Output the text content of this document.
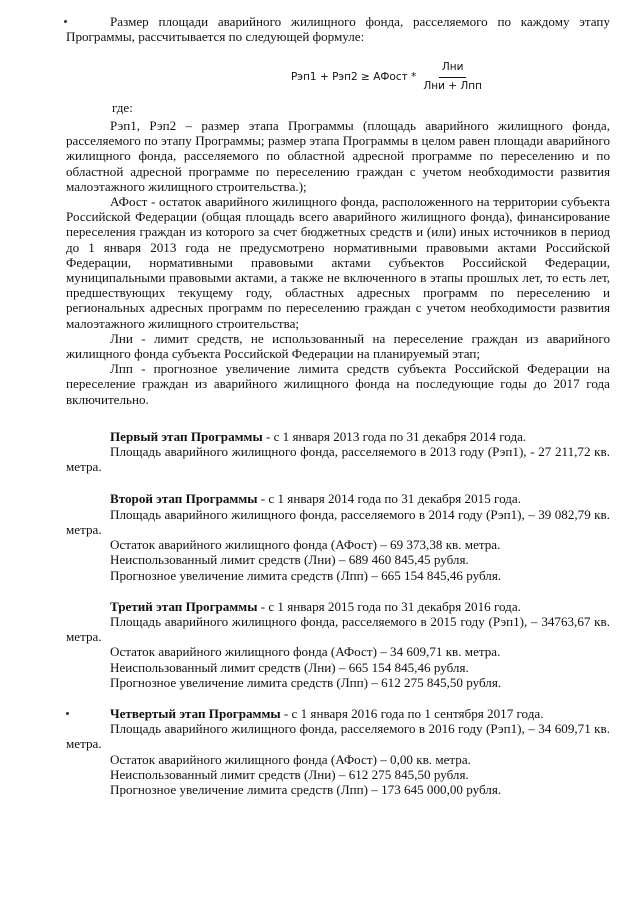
Размер площади аварийного жилищного фонда, расселяемого по каждому этапу Программы, рассчитывается по следующей формуле:

Рэп1 + Рэп2 ≥ АФост * $\frac{\text{Лни}}{\text{Лни + Лпп}}$

где:

Рэп1, Рэп2 – размер этапа Программы (площадь аварийного жилищного фонда, расселяемого по этапу Программы; размер этапа Программы в целом равен площади аварийного жилищного фонда, расселяемого по областной адресной программе по переселению и по областной адресной программе по переселению граждан с учетом необходимости развития малоэтажного жилищного строительства.);

АФост - остаток аварийного жилищного фонда, расположенного на территории субъекта Российской Федерации (общая площадь всего аварийного жилищного фонда), финансирование переселения граждан из которого за счет бюджетных средств и (или) иных источников в период до 1 января 2013 года не предусмотрено нормативными правовыми актами Российской Федерации, нормативными правовыми актами субъектов Российской Федерации, муниципальными правовыми актами, а также не включенного в этапы прошлых лет, то есть лет, предшествующих текущему году, областных адресных программ по переселению и региональных адресных программ по переселению граждан с учетом необходимости развития малоэтажного жилищного строительства;

Лни - лимит средств, не использованный на переселение граждан из аварийного жилищного фонда субъекта Российской Федерации на планируемый этап;

Лпп - прогнозное увеличение лимита средств субъекта Российской Федерации на переселение граждан из аварийного жилищного фонда на последующие годы до 2017 года включительно.

Первый этап Программы - с 1 января 2013 года по 31 декабря 2014 года.

Площадь аварийного жилищного фонда, расселяемого в 2013 году (Рэп1), - 27 211,72 кв. метра.

Второй этап Программы - с 1 января 2014 года по 31 декабря 2015 года.

Площадь аварийного жилищного фонда, расселяемого в 2014 году (Рэп1), – 39 082,79 кв. метра.

Остаток аварийного жилищного фонда (АФост) – 69 373,38 кв. метра.

Неиспользованный лимит средств (Лни) – 689 460 845,45 рубля.

Прогнозное увеличение лимита средств (Лпп) – 665 154 845,46 рубля.

Третий этап Программы - с 1 января 2015 года по 31 декабря 2016 года.

Площадь аварийного жилищного фонда, расселяемого в 2015 году (Рэп1), – 34763,67 кв. метра.

Остаток аварийного жилищного фонда (АФост) – 34 609,71 кв. метра.

Неиспользованный лимит средств (Лни) – 665 154 845,46 рубля.

Прогнозное увеличение лимита средств (Лпп) – 612 275 845,50 рубля.

Четвертый этап Программы - с 1 января 2016 года по 1 сентября 2017 года.

Площадь аварийного жилищного фонда, расселяемого в 2016 году (Рэп1), – 34 609,71 кв. метра.

Остаток аварийного жилищного фонда (АФост) – 0,00 кв. метра.

Неиспользованный лимит средств (Лни) – 612 275 845,50 рубля.

Прогнозное увеличение лимита средств (Лпп) – 173 645 000,00 рубля.
